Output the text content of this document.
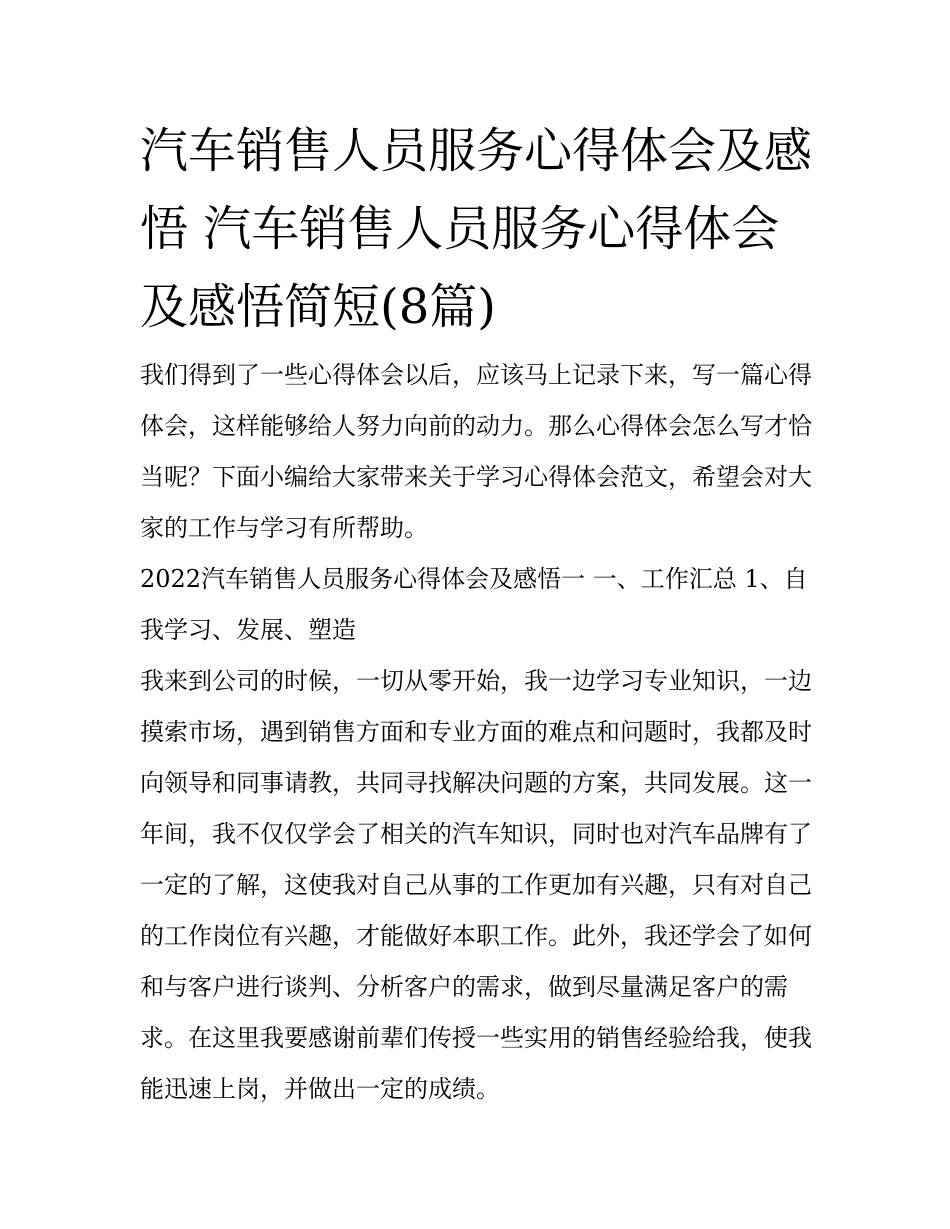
汽车销售人员服务心得体会及感悟 汽车销售人员服务心得体会及感悟简短(8篇)

我们得到了一些心得体会以后，应该马上记录下来，写一篇心得体会，这样能够给人努力向前的动力。那么心得体会怎么写才恰当呢？下面小编给大家带来关于学习心得体会范文，希望会对大家的工作与学习有所帮助。

2022汽车销售人员服务心得体会及感悟一 一、工作汇总 1、自我学习、发展、塑造

我来到公司的时候，一切从零开始，我一边学习专业知识，一边摸索市场，遇到销售方面和专业方面的难点和问题时，我都及时向领导和同事请教，共同寻找解决问题的方案，共同发展。这一年间，我不仅仅学会了相关的汽车知识，同时也对汽车品牌有了一定的了解，这使我对自己从事的工作更加有兴趣，只有对自己的工作岗位有兴趣，才能做好本职工作。此外，我还学会了如何和与客户进行谈判、分析客户的需求，做到尽量满足客户的需求。在这里我要感谢前辈们传授一些实用的销售经验给我，使我能迅速上岗，并做出一定的成绩。
